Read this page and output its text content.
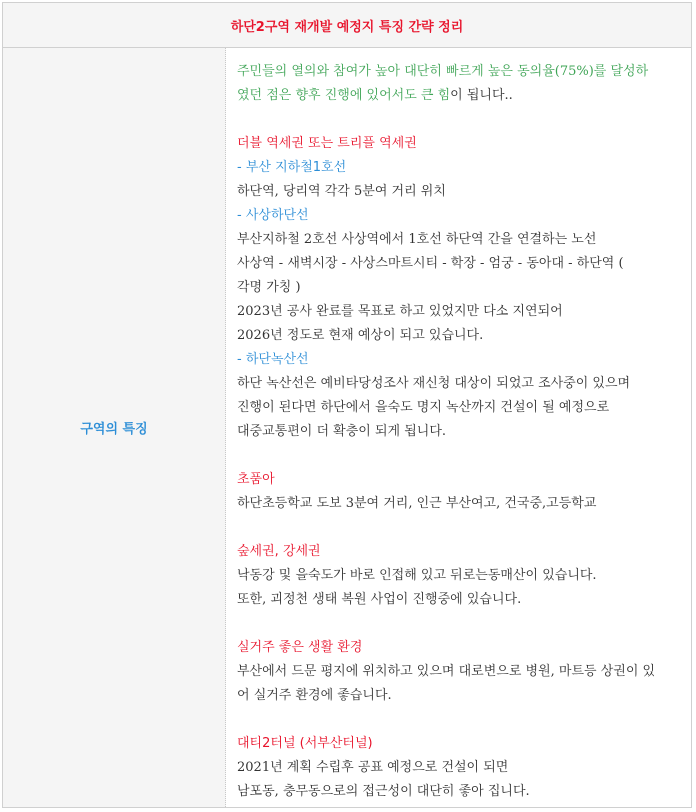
하단2구역 재개발 예정지 특징 간략 정리
구역의 특징
주민들의 열의와 참여가 높아 대단히 빠르게 높은 동의율(75%)를 달성하
였던 점은 향후 진행에 있어서도 큰 힘이 됩니다..
더블 역세권 또는 트리플 역세권
- 부산 지하철1호선
하단역, 당리역 각각 5분여 거리 위치
- 사상하단선
부산지하철 2호선 사상역에서 1호선 하단역 간을 연결하는 노선
사상역 - 새벽시장 - 사상스마트시티 - 학장 - 엄궁 - 동아대 - 하단역 (
각명 가칭 )
2023년 공사 완료를 목표로 하고 있었지만 다소 지연되어
2026년 정도로 현재 예상이 되고 있습니다.
- 하단녹산선
하단 녹산선은 예비타당성조사 재신청 대상이 되었고 조사중이 있으며
진행이 된다면 하단에서 을숙도 명지 녹산까지 건설이 될 예정으로
대중교통편이 더 확충이 되게 됩니다.
초품아
하단초등학교 도보 3분여 거리, 인근 부산여고, 건국중,고등학교
숲세권, 강세권
낙동강 및 을숙도가 바로 인접해 있고 뒤로는동매산이 있습니다.
또한, 괴정천 생태 복원 사업이 진행중에 있습니다.
실거주 좋은 생활 환경
부산에서 드문 평지에 위치하고 있으며 대로변으로 병원, 마트등 상권이 있
어 실거주 환경에 좋습니다.
대티2터널 (서부산터널)
2021년 계획 수립후 공표 예정으로 건설이 되면
남포동, 충무동으로의 접근성이 대단히 좋아 집니다.
